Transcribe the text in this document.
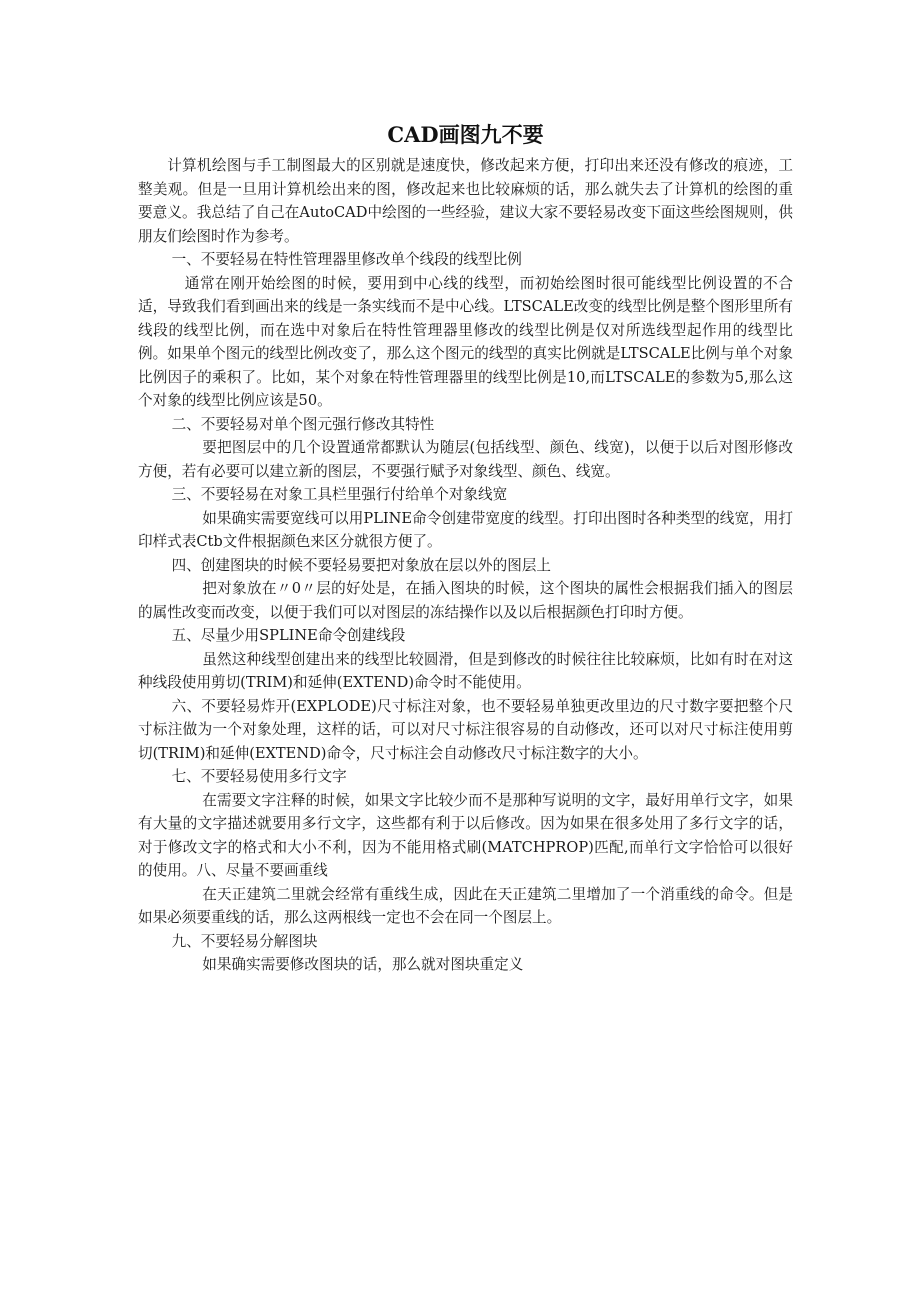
CAD画图九不要

计算机绘图与手工制图最大的区别就是速度快，修改起来方便，打印出来还没有修改的痕迹，工整美观。但是一旦用计算机绘出来的图，修改起来也比较麻烦的话，那么就失去了计算机的绘图的重要意义。我总结了自己在AutoCAD中绘图的一些经验，建议大家不要轻易改变下面这些绘图规则，供朋友们绘图时作为参考。

一、不要轻易在特性管理器里修改单个线段的线型比例

通常在刚开始绘图的时候，要用到中心线的线型，而初始绘图时很可能线型比例设置的不合适，导致我们看到画出来的线是一条实线而不是中心线。LTSCALE改变的线型比例是整个图形里所有线段的线型比例，而在选中对象后在特性管理器里修改的线型比例是仅对所选线型起作用的线型比例。如果单个图元的线型比例改变了，那么这个图元的线型的真实比例就是LTSCALE比例与单个对象比例因子的乘积了。比如，某个对象在特性管理器里的线型比例是10,而LTSCALE的参数为5,那么这个对象的线型比例应该是50。

二、不要轻易对单个图元强行修改其特性

要把图层中的几个设置通常都默认为随层(包括线型、颜色、线宽)，以便于以后对图形修改方便，若有必要可以建立新的图层，不要强行赋予对象线型、颜色、线宽。

三、不要轻易在对象工具栏里强行付给单个对象线宽

如果确实需要宽线可以用PLINE命令创建带宽度的线型。打印出图时各种类型的线宽，用打印样式表Ctb文件根据颜色来区分就很方便了。

四、创建图块的时候不要轻易要把对象放在层以外的图层上

把对象放在〃0〃层的好处是，在插入图块的时候，这个图块的属性会根据我们插入的图层的属性改变而改变，以便于我们可以对图层的冻结操作以及以后根据颜色打印时方便。

五、尽量少用SPLINE命令创建线段

虽然这种线型创建出来的线型比较圆滑，但是到修改的时候往往比较麻烦，比如有时在对这种线段使用剪切(TRIM)和延伸(EXTEND)命令时不能使用。

六、不要轻易炸开(EXPLODE)尺寸标注对象，也不要轻易单独更改里边的尺寸数字要把整个尺寸标注做为一个对象处理，这样的话，可以对尺寸标注很容易的自动修改，还可以对尺寸标注使用剪切(TRIM)和延伸(EXTEND)命令，尺寸标注会自动修改尺寸标注数字的大小。

七、不要轻易使用多行文字

在需要文字注释的时候，如果文字比较少而不是那种写说明的文字，最好用单行文字，如果有大量的文字描述就要用多行文字，这些都有利于以后修改。因为如果在很多处用了多行文字的话，对于修改文字的格式和大小不利，因为不能用格式刷(MATCHPROP)匹配,而单行文字恰恰可以很好的使用。八、尽量不要画重线

在天正建筑二里就会经常有重线生成，因此在天正建筑二里增加了一个消重线的命令。但是如果必须要重线的话，那么这两根线一定也不会在同一个图层上。

九、不要轻易分解图块

如果确实需要修改图块的话，那么就对图块重定义
